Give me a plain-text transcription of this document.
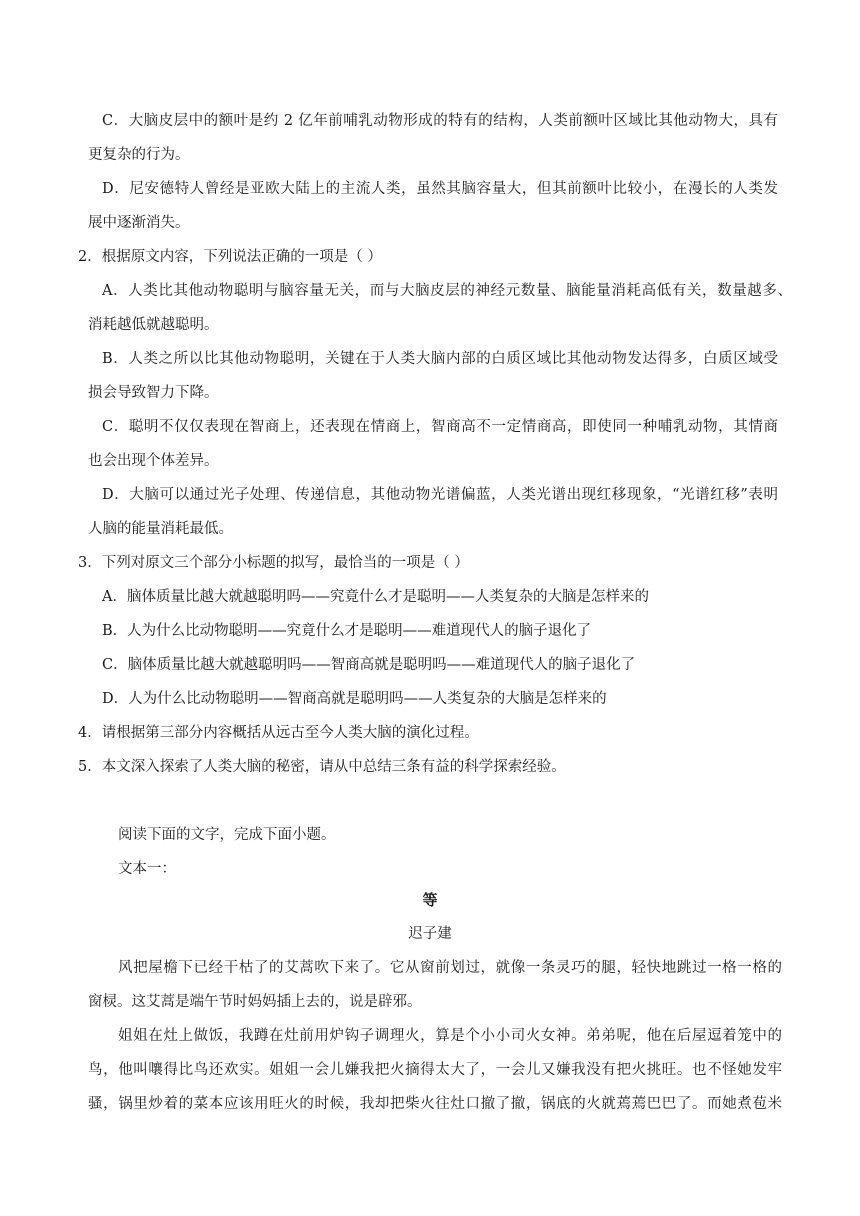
C．大脑皮层中的额叶是约 2 亿年前哺乳动物形成的特有的结构，人类前额叶区域比其他动物大，具有
更复杂的行为。
D．尼安德特人曾经是亚欧大陆上的主流人类，虽然其脑容量大，但其前额叶比较小，在漫长的人类发
展中逐渐消失。
2．根据原文内容，下列说法正确的一项是（ ）
A．人类比其他动物聪明与脑容量无关，而与大脑皮层的神经元数量、脑能量消耗高低有关，数量越多、
消耗越低就越聪明。
B．人类之所以比其他动物聪明，关键在于人类大脑内部的白质区域比其他动物发达得多，白质区域受
损会导致智力下降。
C．聪明不仅仅表现在智商上，还表现在情商上，智商高不一定情商高，即使同一种哺乳动物，其情商
也会出现个体差异。
D．大脑可以通过光子处理、传递信息，其他动物光谱偏蓝，人类光谱出现红移现象，“光谱红移”表明
人脑的能量消耗最低。
3．下列对原文三个部分小标题的拟写，最恰当的一项是（ ）
A．脑体质量比越大就越聪明吗——究竟什么才是聪明——人类复杂的大脑是怎样来的
B．人为什么比动物聪明——究竟什么才是聪明——难道现代人的脑子退化了
C．脑体质量比越大就越聪明吗——智商高就是聪明吗——难道现代人的脑子退化了
D．人为什么比动物聪明——智商高就是聪明吗——人类复杂的大脑是怎样来的
4．请根据第三部分内容概括从远古至今人类大脑的演化过程。
5．本文深入探索了人类大脑的秘密，请从中总结三条有益的科学探索经验。
阅读下面的文字，完成下面小题。
文本一：
等
迟子建
风把屋檐下已经干枯了的艾蒿吹下来了。它从窗前划过，就像一条灵巧的腿，轻快地跳过一格一格的
窗棂。这艾蒿是端午节时妈妈插上去的，说是辟邪。
姐姐在灶上做饭，我蹲在灶前用炉钩子调理火，算是个小小司火女神。弟弟呢，他在后屋逗着笼中的
鸟，他叫嚷得比鸟还欢实。姐姐一会儿嫌我把火摘得太大了，一会儿又嫌我没有把火挑旺。也不怪她发牢
骚，锅里炒着的菜本应该用旺火的时候，我却把柴火往灶口撤了撤，锅底的火就蔫蔫巴巴了。而她煮苞米
